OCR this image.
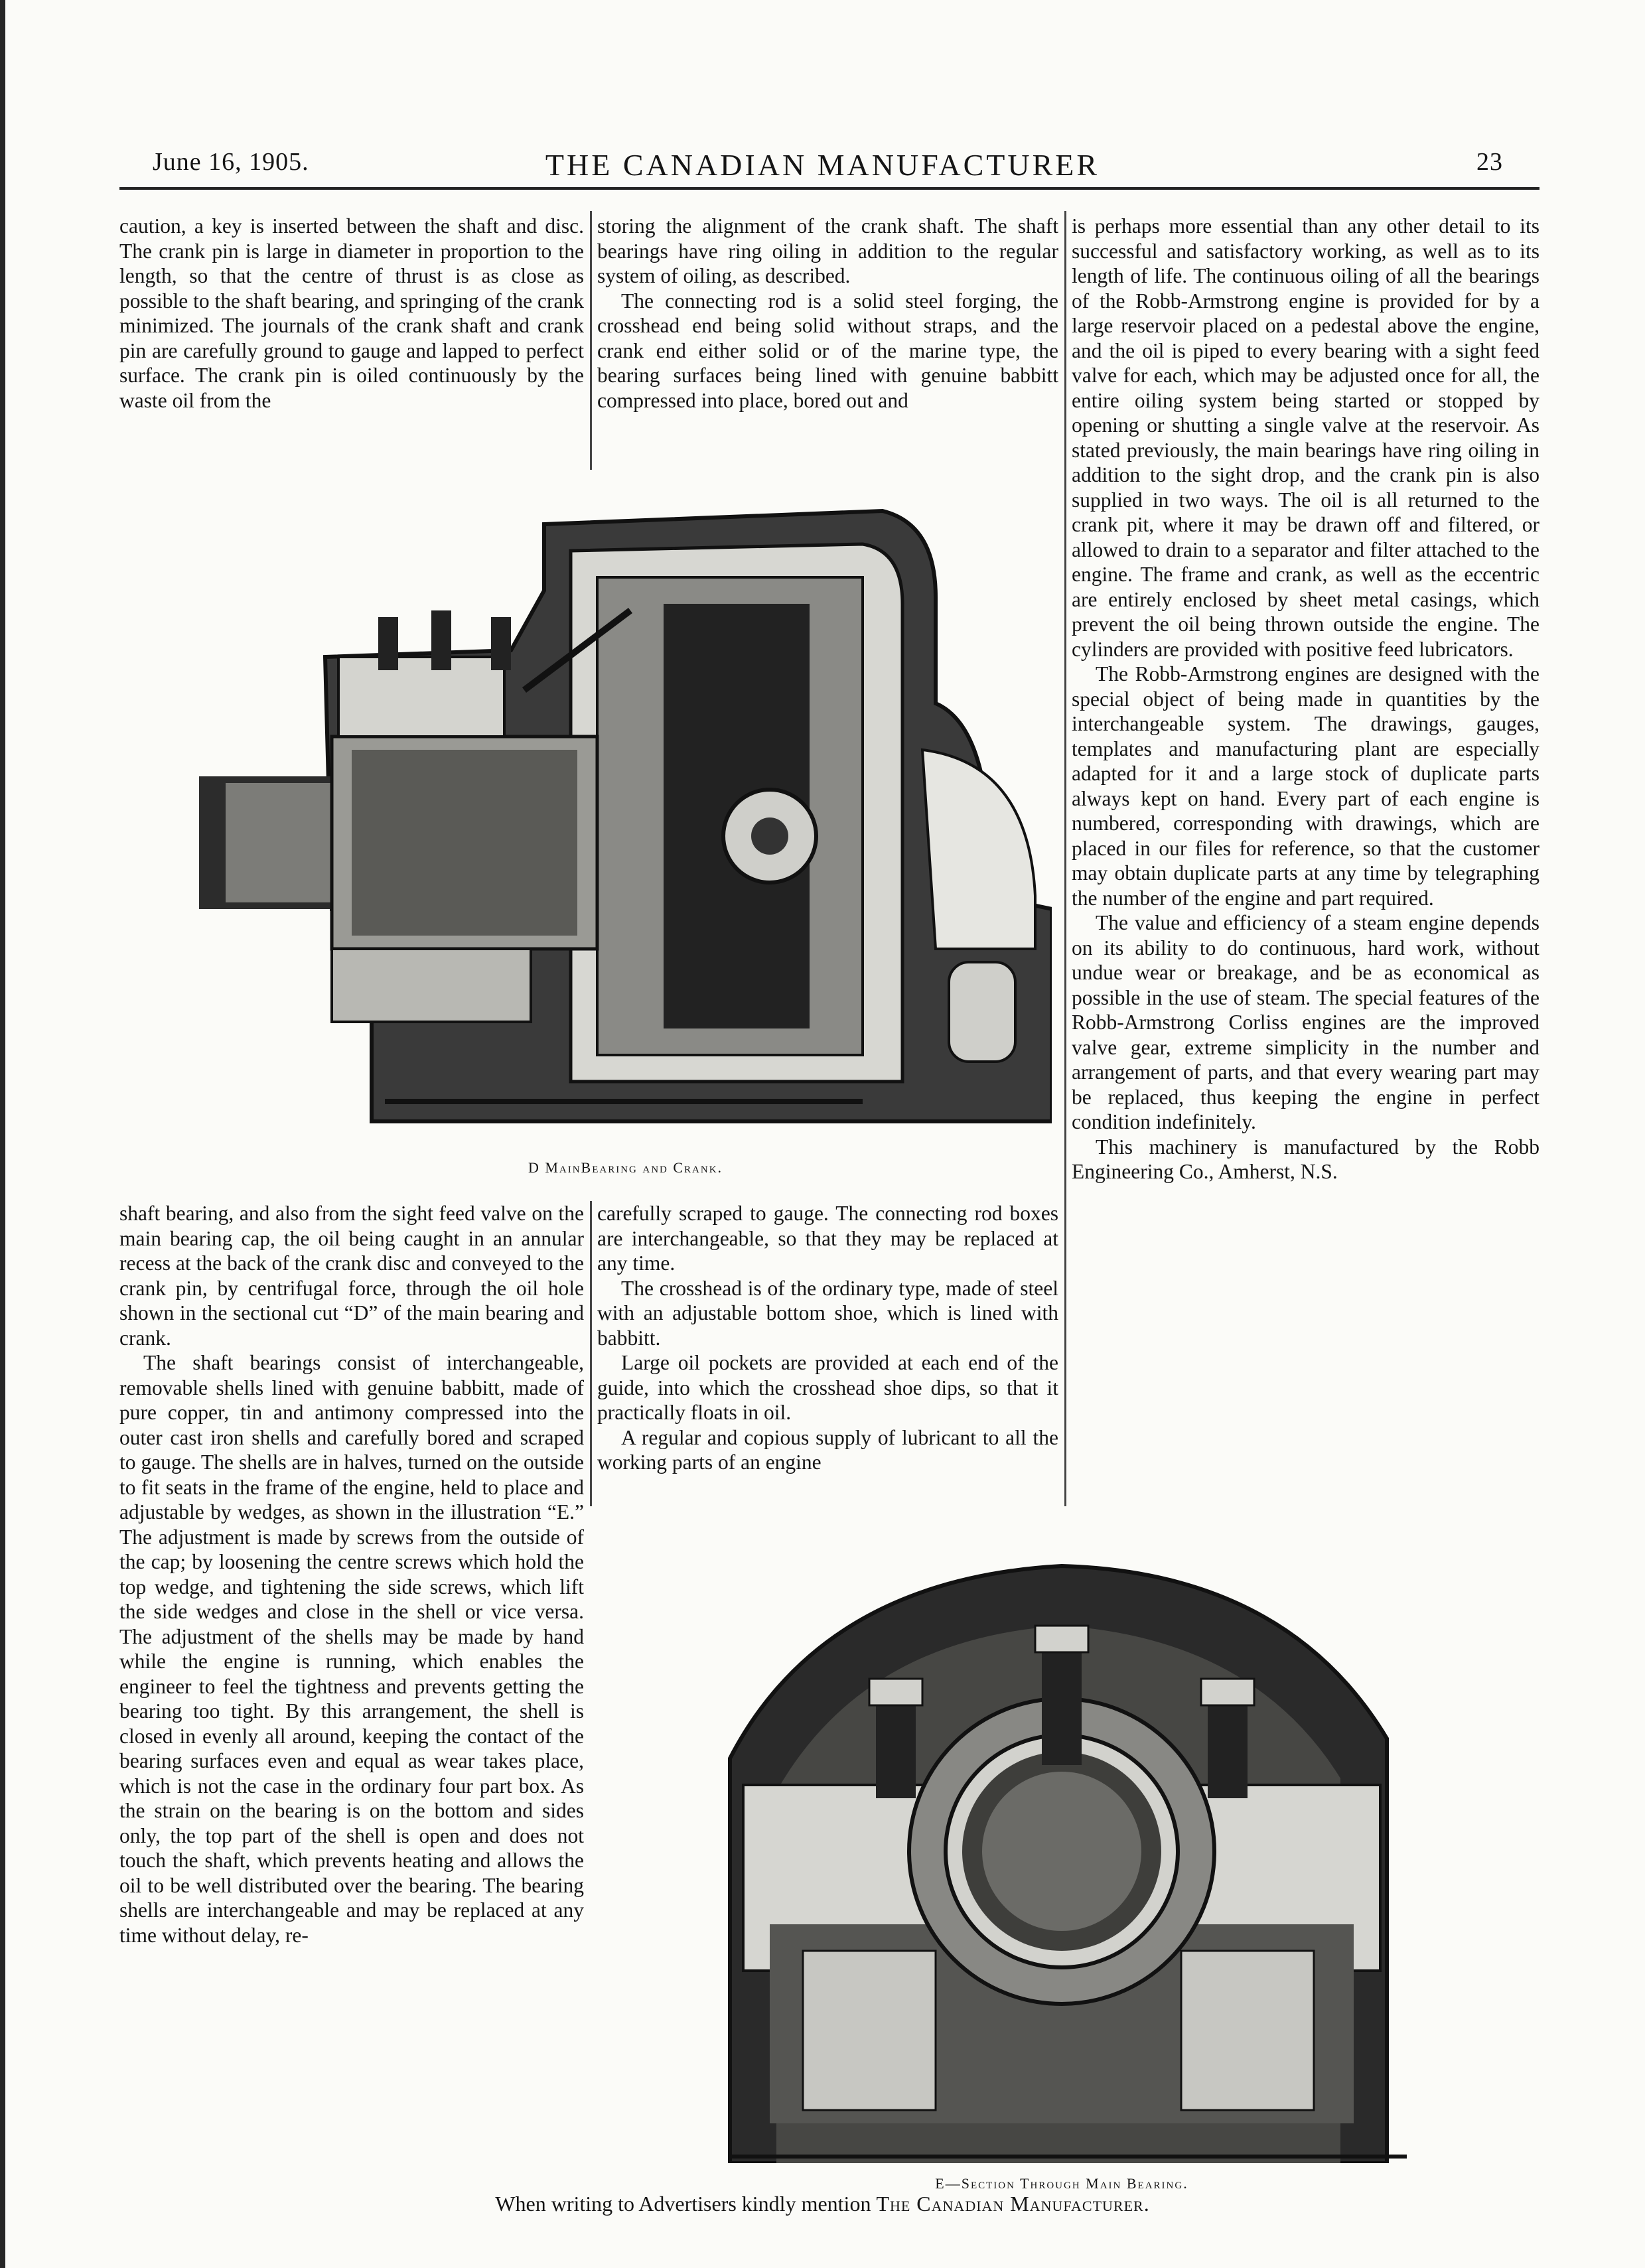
June 16, 1905.	THE CANADIAN MANUFACTURER	23

caution, a key is inserted between the shaft and disc. The crank pin is large in diameter in proportion to the length, so that the centre of thrust is as close as possible to the shaft bearing, and springing of the crank minimized. The journals of the crank shaft and crank pin are carefully ground to gauge and lapped to perfect surface. The crank pin is oiled continuously by the waste oil from the

storing the alignment of the crank shaft. The shaft bearings have ring oiling in addition to the regular system of oiling, as described.

The connecting rod is a solid steel forging, the crosshead end being solid without straps, and the crank end either solid or of the marine type, the bearing surfaces being lined with genuine babbitt compressed into place, bored out and

is perhaps more essential than any other detail to its successful and satisfactory working, as well as to its length of life. The continuous oiling of all the bearings of the Robb-Armstrong engine is provided for by a large reservoir placed on a pedestal above the engine, and the oil is piped to every bearing with a sight feed valve for each, which may be adjusted once for all, the entire oiling system being started or stopped by opening or shutting a single valve at the reservoir. As stated previously, the main bearings have ring oiling in addition to the sight drop, and the crank pin is also supplied in two ways. The oil is all returned to the crank pit, where it may be drawn off and filtered, or allowed to drain to a separator and filter attached to the engine. The frame and crank, as well as the eccentric are entirely enclosed by sheet metal casings, which prevent the oil being thrown outside the engine. The cylinders are provided with positive feed lubricators.

The Robb-Armstrong engines are designed with the special object of being made in quantities by the interchangeable system. The drawings, gauges, templates and manufacturing plant are especially adapted for it and a large stock of duplicate parts always kept on hand. Every part of each engine is numbered, corresponding with drawings, which are placed in our files for reference, so that the customer may obtain duplicate parts at any time by telegraphing the number of the engine and part required.

The value and efficiency of a steam engine depends on its ability to do continuous, hard work, without undue wear or breakage, and be as economical as possible in the use of steam. The special features of the Robb-Armstrong Corliss engines are the improved valve gear, extreme simplicity in the number and arrangement of parts, and that every wearing part may be replaced, thus keeping the engine in perfect condition indefinitely.

This machinery is manufactured by the Robb Engineering Co., Amherst, N.S.

D MainBearing and Crank.

shaft bearing, and also from the sight feed valve on the main bearing cap, the oil being caught in an annular recess at the back of the crank disc and conveyed to the crank pin, by centrifugal force, through the oil hole shown in the sectional cut “D” of the main bearing and crank.

The shaft bearings consist of interchangeable, removable shells lined with genuine babbitt, made of pure copper, tin and antimony compressed into the outer cast iron shells and carefully bored and scraped to gauge. The shells are in halves, turned on the outside to fit seats in the frame of the engine, held to place and adjustable by wedges, as shown in the illustration “E.” The adjustment is made by screws from the outside of the cap; by loosening the centre screws which hold the top wedge, and tightening the side screws, which lift the side wedges and close in the shell or vice versa. The adjustment of the shells may be made by hand while the engine is running, which enables the engineer to feel the tightness and prevents getting the bearing too tight. By this arrangement, the shell is closed in evenly all around, keeping the contact of the bearing surfaces even and equal as wear takes place, which is not the case in the ordinary four part box. As the strain on the bearing is on the bottom and sides only, the top part of the shell is open and does not touch the shaft, which prevents heating and allows the oil to be well distributed over the bearing. The bearing shells are interchangeable and may be replaced at any time without delay, re-

carefully scraped to gauge. The connecting rod boxes are interchangeable, so that they may be replaced at any time.

The crosshead is of the ordinary type, made of steel with an adjustable bottom shoe, which is lined with babbitt.

Large oil pockets are provided at each end of the guide, into which the crosshead shoe dips, so that it practically floats in oil.

A regular and copious supply of lubricant to all the working parts of an engine

E—Section Through Main Bearing.
When writing to Advertisers kindly mention The Canadian Manufacturer.
